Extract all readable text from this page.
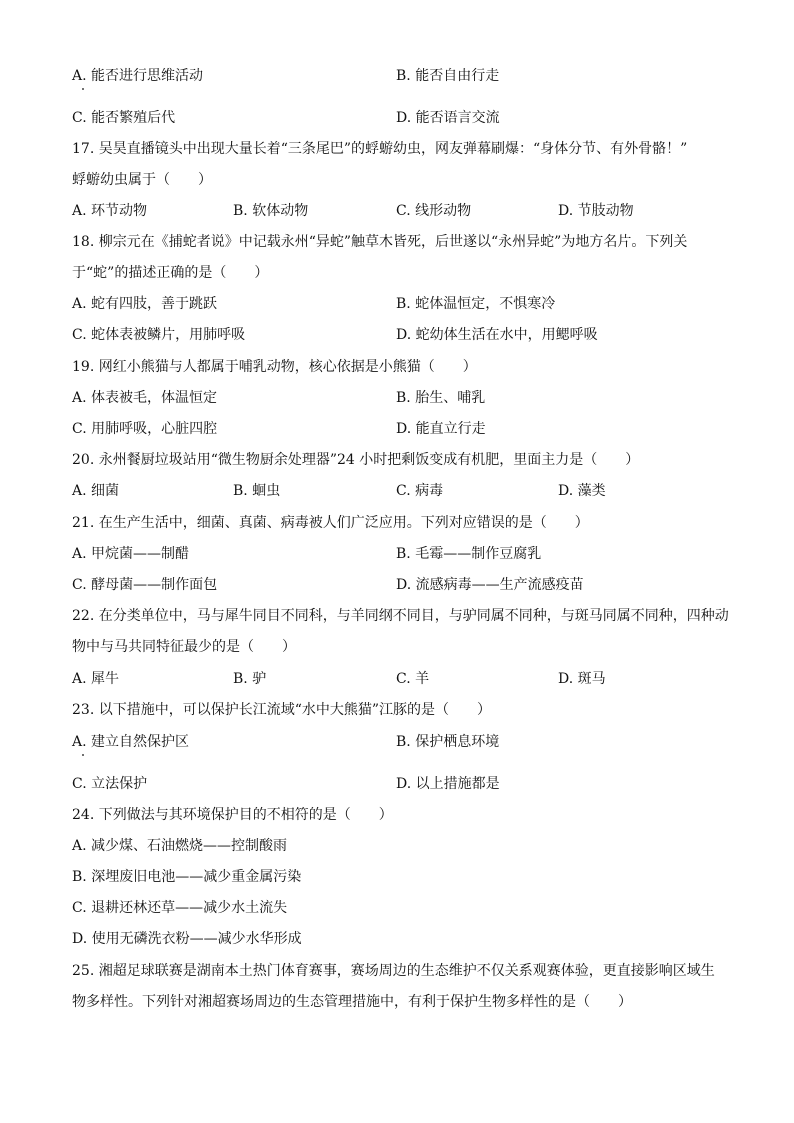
A. 能否进行思维活动	B. 能否自由行走
C. 能否繁殖后代	D. 能否语言交流
17. 吴昊直播镜头中出现大量长着“三条尾巴”的蜉蝣幼虫，网友弹幕刷爆：“身体分节、有外骨骼！”
蜉蝣幼虫属于（　　）
A. 环节动物	B. 软体动物	C. 线形动物	D. 节肢动物
18. 柳宗元在《捕蛇者说》中记载永州“异蛇”触草木皆死，后世遂以“永州异蛇”为地方名片。下列关
于“蛇”的描述正确的是（　　）
A. 蛇有四肢，善于跳跃	B. 蛇体温恒定，不惧寒冷
C. 蛇体表被鳞片，用肺呼吸	D. 蛇幼体生活在水中，用鳃呼吸
19. 网红小熊猫与人都属于哺乳动物，核心依据是小熊猫（　　）
A. 体表被毛，体温恒定	B. 胎生、哺乳
C. 用肺呼吸，心脏四腔	D. 能直立行走
20. 永州餐厨垃圾站用“微生物厨余处理器”24 小时把剩饭变成有机肥，里面主力是（　　）
A. 细菌	B. 蛔虫	C. 病毒	D. 藻类
21. 在生产生活中，细菌、真菌、病毒被人们广泛应用。下列对应错误的是（　　）
A. 甲烷菌——制醋	B. 毛霉——制作豆腐乳
C. 酵母菌——制作面包	D. 流感病毒——生产流感疫苗
22. 在分类单位中，马与犀牛同目不同科，与羊同纲不同目，与驴同属不同种，与斑马同属不同种，四种动
物中与马共同特征最少的是（　　）
A. 犀牛	B. 驴	C. 羊	D. 斑马
23. 以下措施中，可以保护长江流域“水中大熊猫”江豚的是（　　）
A. 建立自然保护区	B. 保护栖息环境
C. 立法保护	D. 以上措施都是
24. 下列做法与其环境保护目的不相符的是（　　）
A. 减少煤、石油燃烧——控制酸雨
B. 深埋废旧电池——减少重金属污染
C. 退耕还林还草——减少水土流失
D. 使用无磷洗衣粉——减少水华形成
25. 湘超足球联赛是湖南本土热门体育赛事，赛场周边的生态维护不仅关系观赛体验，更直接影响区域生
物多样性。下列针对湘超赛场周边的生态管理措施中，有利于保护生物多样性的是（　　）
